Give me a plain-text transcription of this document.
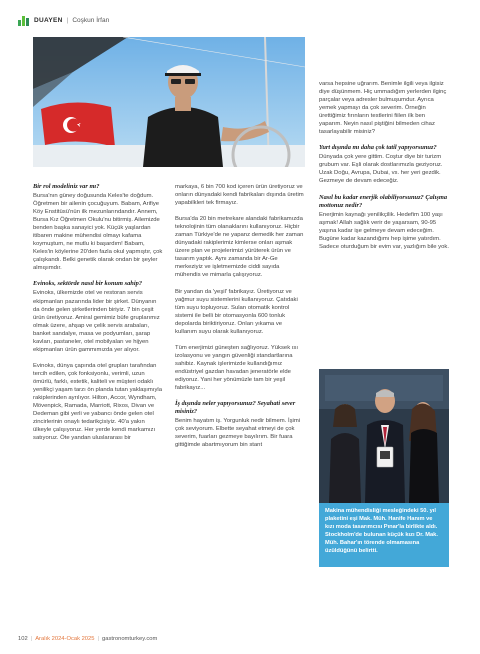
DUAYEN | Coşkun İrfan
Bir rol modeliniz var mı?

Bursa'nın güney doğusunda Keles'te doğdum. Öğretmen bir ailenin çocuğuyum. Babam, Arifiye Köy Enstitüsü'nün ilk mezunlarındandır. Annem, Bursa Kız Öğretmen Okulu'nu bitirmiş. Ailemizde benden başka sanayici yok. Küçük yaşlardan itibaren makine mühendisi olmayı kafama koymuştum, ne mutlu ki başardım! Babam, Keles'in köylerine 20'den fazla okul yapmıştır, çok çalışkandı. Belki genetik olarak ondan bir şeyler almışımdır.

Evinoks, sektörde nasıl bir konum sahip?

Evinoks, ülkemizde otel ve restoran servis ekipmanları pazarında lider bir şirket. Dünyanın da önde gelen şirketlerinden biriyiz. 7 bin çeşit ürün üretiyoruz. Amiral gemimiz büfe gruplarımız olmak üzere, ahşap ve çelik servis arabaları, banket sandalye, masa ve podyumları, şarap kavları, pastaneler, otel mobilyaları ve hijyen ekipmanları ürün gammımızda yer alıyor.

Evinoks, dünya çapında otel grupları tarafından tercih edilen, çok fonksiyonlu, verimli, uzun ömürlü, farklı, estetik, kaliteli ve müşteri odaklı yenilikçi yaşam tarzı ön planda tutan yaklaşımıyla rakiplerinden ayrılıyor. Hilton, Accor, Wyndham, Mövenpick, Ramada, Marriott, Rixos, Divan ve Dedeman gibi yerli ve yabancı önde gelen otel zincirlerinin onaylı tedarikçisiyiz. 40'a yakın ülkeyle çalışıyoruz. Her yerde kendi markamızı satıyoruz. Öte yandan uluslararası bir

markaya, 6 bin 700 kod içeren ürün üretiyoruz ve onların dünyadaki kendi fabrikaları dışında üretim yapabilkleri tek firmayız.

Bursa'da 20 bin metrekare alandaki fabrikamızda teknolojinin tüm olanaklarını kullanıyoruz. Hiçbir zaman Türkiye'de ne yapanz demedik her zaman dünyadaki rakiplerimiz kimlerse onları aşmak üzere plan ve projelerimizi yürüterek ürün ve tasarım yaptık. Aynı zamanda bir Ar-Ge merkeziyiz ve işletmemizde ciddi sayıda mühendis ve mimarla çalışıyoruz.

Bir yandan da 'yeşil' fabrikayız. Üretiyoruz ve yağmur suyu sistemlerini kullanıyoruz. Çatıdaki tüm suyu topluyoruz. Sulan otomatik kontrol sistemi ile belli bir otomasyonla 600 tonluk depolarda biriktiriyoruz. Onları yıkama ve kullanım suyu olarak kullanıyoruz.

Tüm enerjimizi güneşten sağlıyoruz. Yüksek ısı izolasyonu ve yangın güvenliği standartlarına sahibiz. Kaynak işlerimizde kullandığımız endüstriyel gazdan havadan jeneratörle elde ediyoruz. Yani her yönümüzle tam bir yeşil fabrikayız...

İş dışında neler yapıyorsunuz? Seyahati sever misiniz?

Benim hayatım iş. Yorgunluk nedir bilmem. İşimi çok seviyorum. Elbette seyahat etmeyi de çok severim, fuarları gezmeye bayılırım. Bir fuara gittiğimde abartmıyorum bin stant

varsa hepsine uğrarım. Benimle ilgili veya ilgisiz diye düşünmem. Hiç ummadığım yerlerden ilginç parçalar veya adresler bulmuşumdur. Ayrıca yemek yapmayı da çok severim. Örneğin ürettiğimiz fırınların testlerini fiilen ilk ben yaparım. Neyin nasıl piştiğini bilmeden cihaz tasarlayabilir misiniz?

Yurt dışında mı daha çok tatil yapıyorsunuz?

Dünyada çok yere gittim. Coştur diye bir turizm grubum var. Eşli olarak dostlarımızla geziyoruz. Uzak Doğu, Avrupa, Dubai, vs. her yeri gezdik. Gezmeye de devam edeceğiz.

Nasıl bu kadar enerjik olabiliyorsunuz? Çalışma mottonuz nedir?

Enerjimin kaynağı yenilikçilik. Hedefim 100 yaşı aşmak! Allah sağlık verir de yaşarsam, 90-95 yaşına kadar işe gelmeye devam edeceğim. Bugüne kadar kazandığımı hep işime yatırdım. Sadece oturduğum bir evim var, yazlığım bile yok.

Makina mühendisliği mesleğindeki 50. yıl plaketini eşi Mak. Müh. Hanife Hanım ve kızı moda tasarımcısı Pınar'la birlikte aldı. Stockholm'de bulunan küçük kızı Dr. Mak. Müh. Bahar'ın törende olmamasına üzüldüğünü belirtti.
102 | Aralık 2024-Ocak 2025 | gastronomturkey.com
